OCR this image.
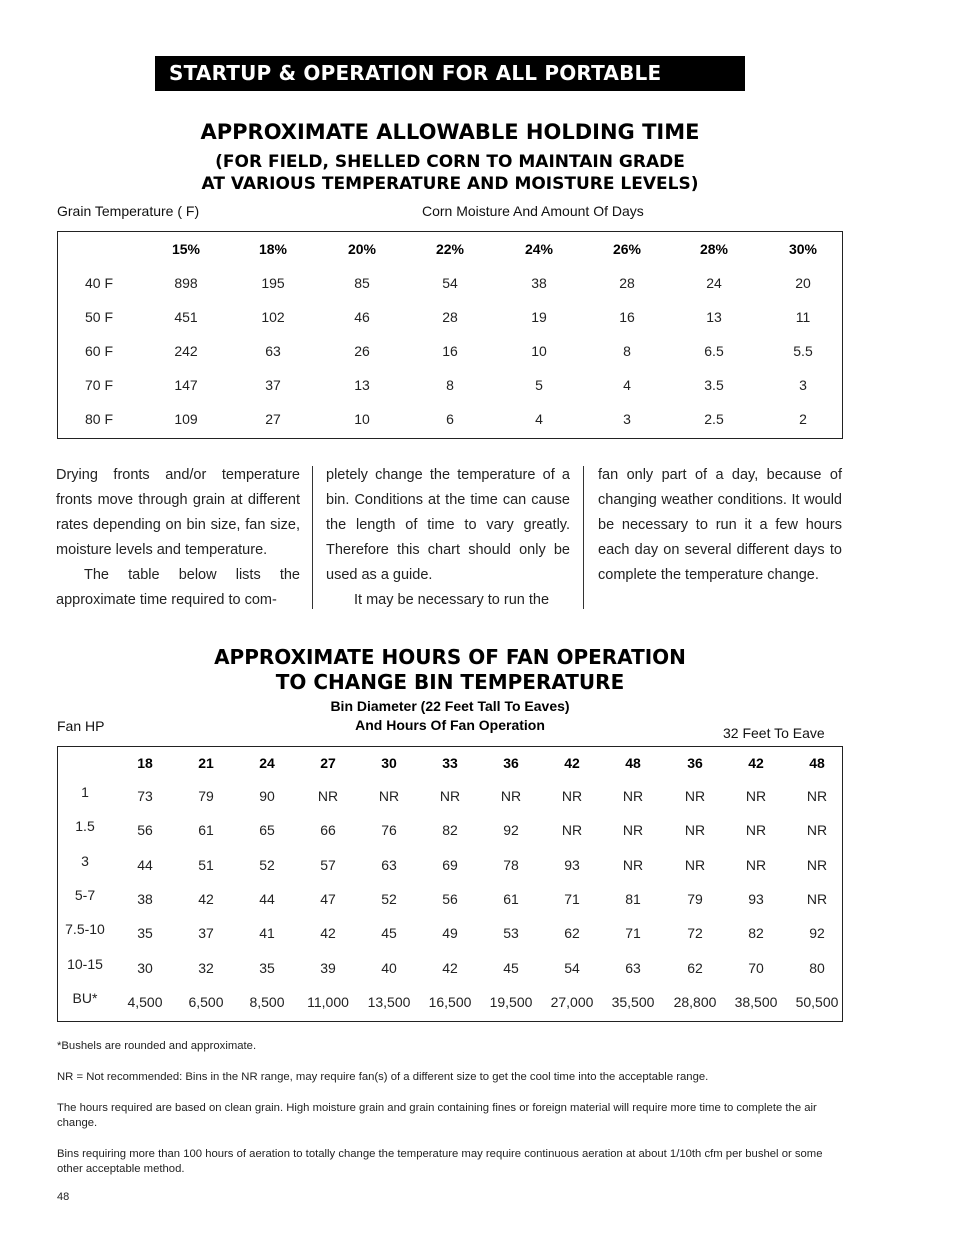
STARTUP & OPERATION FOR ALL PORTABLE DRYERS
APPROXIMATE ALLOWABLE HOLDING TIME
(FOR FIELD, SHELLED CORN TO MAINTAIN GRADE
AT VARIOUS TEMPERATURE AND MOISTURE LEVELS)
Grain Temperature ( F)	Corn Moisture And Amount Of Days
15%	18%	20%	22%	24%	26%	28%	30%
40 F	898	195	85	54	38	28	24	20
50 F	451	102	46	28	19	16	13	11
60 F	242	63	26	16	10	8	6.5	5.5
70 F	147	37	13	8	5	4	3.5	3
80 F	109	27	10	6	4	3	2.5	2

Drying fronts and/or temperature fronts move through grain at different rates depending on bin size, fan size, moisture levels and temperature.

The table below lists the approximate time required to com-

pletely change the temperature of a bin. Conditions at the time can cause the length of time to vary greatly. Therefore this chart should only be used as a guide.

It may be necessary to run the

fan only part of a day, because of changing weather conditions. It would be necessary to run it a few hours each day on several different days to complete the temperature change.

APPROXIMATE HOURS OF FAN OPERATION
TO CHANGE BIN TEMPERATURE
Bin Diameter (22 Feet Tall To Eaves)
And Hours Of Fan Operation
Fan HP	32 Feet To Eave
18	21	24	27	30	33	36	42	48	36	42	48
1	73	79	90	NR	NR	NR	NR	NR	NR	NR	NR	NR
1.5	56	61	65	66	76	82	92	NR	NR	NR	NR	NR
3	44	51	52	57	63	69	78	93	NR	NR	NR	NR
5-7	38	42	44	47	52	56	61	71	81	79	93	NR
7.5-10	35	37	41	42	45	49	53	62	71	72	82	92
10-15	30	32	35	39	40	42	45	54	63	62	70	80
BU*	4,500	6,500	8,500	11,000	13,500	16,500	19,500	27,000	35,500	28,800	38,500	50,500
*Bushels are rounded and approximate.
NR = Not recommended: Bins in the NR range, may require fan(s) of a different size to get the cool time into the acceptable range.
The hours required are based on clean grain. High moisture grain and grain containing fines or foreign material will require more time to complete the air change.
Bins requiring more than 100 hours of aeration to totally change the temperature may require continuous aeration at about 1/10th cfm per bushel or some other acceptable method.
48
